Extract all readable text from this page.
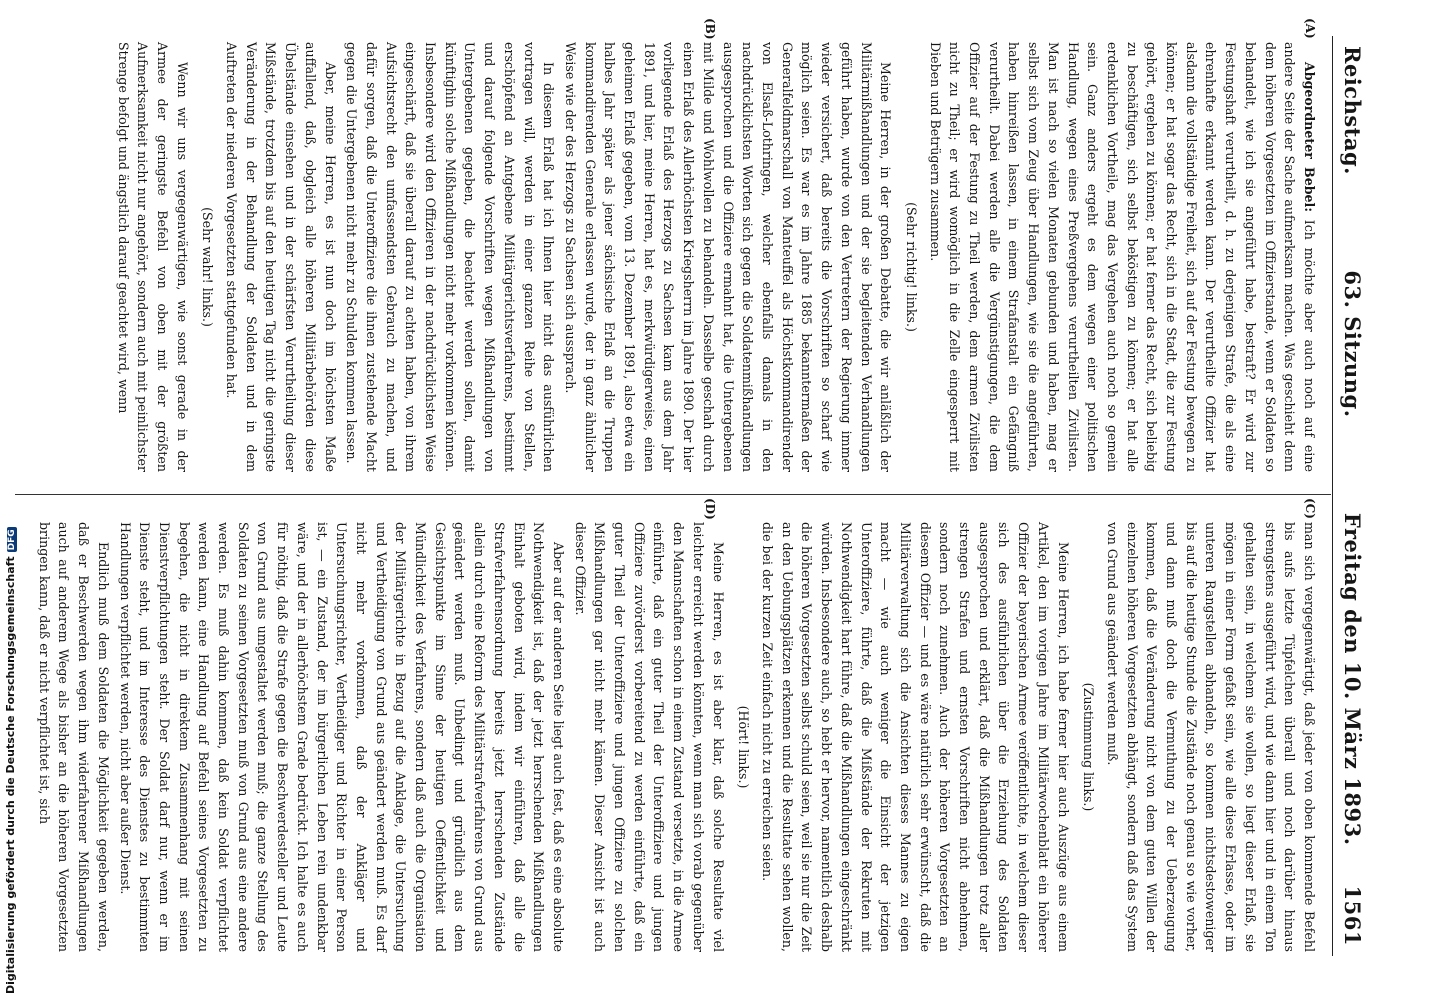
Reichstag.
63. Sitzung.
Freitag den 10. März 1893.
1561
(A)
(B)
(C)
(D)

Abgeordneter Bebel: Ich möchte aber auch noch auf eine andere Seite der Sache aufmerksam machen. Was geschieht denn dem höheren Vorgesetzten im Offizierstande, wenn er Soldaten so behandelt, wie ich sie angeführt habe, bestraft? Er wird zur Festungshaft verurtheilt, d. h. zu derjenigen Strafe, die als eine ehrenhafte erkannt werden kann. Der verurtheilte Offizier hat alsdann die vollständige Freiheit, sich auf der Festung bewegen zu können; er hat sogar das Recht, sich in die Stadt, die zur Festung gehört, ergehen zu können; er hat ferner das Recht, sich beliebig zu beschäftigen, sich selbst beköstigen zu können; er hat alle erdenklichen Vortheile, mag das Vergehen auch noch so gemein sein. Ganz anders ergeht es dem wegen einer politischen Handlung, wegen eines Preßvergehens verurtheilten Zivilisten. Man ist nach so vielen Monaten gebunden und haben, mag er selbst sich vom Zeug über Handlungen, wie sie die angeführten, haben hinreißen lassen, in einem Strafanstalt ein Gefängniß verurtheilt. Dabei werden alle die Vergünstigungen, die dem Offizier auf der Festung zu Theil werden, dem armen Zivilisten nicht zu Theil; er wird womöglich in die Zelle eingesperrt mit Dieben und Betrügern zusammen.

(Sehr richtig! links.)

Meine Herren, in der großen Debatte, die wir anläßlich der Militärmißhandlungen und der sie begleitenden Verhandlungen geführt haben, wurde von den Vertretern der Regierung immer wieder versichert, daß bereits die Vorschriften so scharf wie möglich seien. Es war es im Jahre 1885 bekanntermaßen der Generalfeldmarschall von Manteuffel als Höchstkommandirender von Elsaß-Lothringen, welcher ebenfalls damals in den nachdrücklichsten Worten sich gegen die Soldatenmißhandlungen ausgesprochen und die Offiziere ermahnt hat, die Untergebenen mit Milde und Wohlwollen zu behandeln. Dasselbe geschah durch einen Erlaß des Allerhöchsten Kriegsherrn im Jahre 1890. Der hier vorliegende Erlaß des Herzogs zu Sachsen kam aus dem Jahr 1891, und hier, meine Herren, hat es, merkwürdigerweise, einen geheimen Erlaß gegeben, vom 13. Dezember 1891, also etwa ein halbes Jahr später als jener sächsische Erlaß an die Truppen kommandirenden Generale erlassen wurde, der in ganz ähnlicher Weise wie der des Herzogs zu Sachsen sich aussprach.

In diesem Erlaß hat ich Ihnen hier nicht das ausführlichen vortragen will, werden in einer ganzen Reihe von Stellen, erschöpfend an Antgebene Militärgerichtsverfahrens, bestimmt und darauf folgende Vorschriften wegen Mißhandlungen von Untergebenen gegeben, die beachtet werden sollen, damit künftighin solche Mißhandlungen nicht mehr vorkommen können. Insbesondere wird den Offizieren in der nachdrücklichsten Weise eingeschärft, daß sie überall darauf zu achten haben, von ihrem Aufsichtsrecht den umfassendsten Gebrauch zu machen, und dafür sorgen, daß die Unteroffiziere die ihnen zustehende Macht gegen die Untergebenen nicht mehr zu Schulden kommen lassen.

Aber, meine Herren, es ist nun doch im höchsten Maße auffallend, daß, obgleich alle höheren Militärbehörden diese Übelstände einsehen und in der schärfsten Verurtheilung dieser Mißstände, trotzdem bis auf den heutigen Tag nicht die geringste Veränderung in der Behandlung der Soldaten und in dem Auftreten der niederen Vorgesetzten stattgefunden hat.

(Sehr wahr! links.)

Wenn wir uns vergegenwärtigen, wie sonst gerade in der Armee der geringste Befehl von oben mit der größten Aufmerksamkeit nicht nur angehört, sondern auch mit peinlichster Strenge befolgt und ängstlich darauf geachtet wird, wenn

man sich vergegenwärtigt, daß jeder von oben kommende Befehl bis aufs letzte Tüpfelchen überall und noch darüber hinaus strengstens ausgeführt wird, und wie dann hier und in einem Ton gehalten sein, in welchem sie wollen, so liegt dieser Erlaß, sie mögen in einer Form gefaßt sein, wie alle diese Erlasse, oder im unteren Rangstellen abhandeln, so kommen nichtsdestoweniger bis auf die heutige Stunde die Zustände noch genau so wie vorher, und dann muß doch die Vermuthung zu der Ueberzeugung kommen, daß die Veränderung nicht von dem guten Willen der einzelnen höheren Vorgesetzten abhängt, sondern daß das System von Grund aus geändert werden muß.

(Zustimmung links.)

Meine Herren, ich habe ferner hier auch Auszüge aus einem Artikel, den im vorigen Jahre im Militärwochenblatt ein höherer Offizier der bayerischen Armee veröffentlichte, in welchem dieser sich des ausführlichen über die Erziehung des Soldaten ausgesprochen und erklärt, daß die Mißhandlungen trotz aller strengen Strafen und ernsten Vorschriften nicht abnehmen, sondern noch zunehmen. Auch der höheren Vorgesetzten an diesem Offizier — und es wäre natürlich sehr erwünscht, daß die Militärverwaltung sich die Ansichten dieses Mannes zu eigen macht — wie auch weniger die Einsicht der jetzigen Unteroffiziere, führte, daß die Mißstände der Rekruten mit Nothwendigkeit hart führe, daß die Mißhandlungen eingeschränkt würden. Insbesondere auch, so hebt er hervor, namentlich deshalb die höheren Vorgesetzten selbst schuld seien, weil sie nur die Zeit an den Uebungsplätzen erkennen und die Resultate sehen wollen, die bei der kurzen Zeit einfach nicht zu erreichen seien.

(Hört! links.)

Meine Herren, es ist aber klar, daß solche Resultate viel leichter erreicht werden könnten, wenn man sich vorab gegenüber den Mannschaften schon in einem Zustand versetzte, in die Armee einführte, daß ein guter Theil der Unteroffiziere und jungen Offiziere zuvörderst vorbereitend zu werden einführte, daß ein guter Theil der Unteroffiziere und jungen Offiziere zu solchen Mißhandlungen gar nicht mehr kämen. Dieser Ansicht ist auch dieser Offizier.

Aber auf der anderen Seite liegt auch fest, daß es eine absolute Nothwendigkeit ist, daß der jetzt herrschenden Mißhandlungen Einhalt geboten wird, indem wir einführen, daß alle die Strafverfahrensordnung bereits jetzt herrschenden Zustände allein durch eine Reform des Militärstrafverfahrens von Grund aus geändert werden muß. Unbedingt und gründlich aus dem Gesichtspunkte im Sinne der heutigen Oeffentlichkeit und Mündlichkeit des Verfahrens, sondern daß auch die Organisation der Militärgerichte in Bezug auf die Anklage, die Untersuchung und Vertheidigung von Grund aus geändert werden muß. Es darf nicht mehr vorkommen, daß der Ankläger und Untersuchungsrichter, Vertheidiger und Richter in einer Person ist, — ein Zustand, der im bürgerlichen Leben rein undenkbar wäre, und der in allerhöchstem Grade bedrückt. Ich halte es auch für nöthig, daß die Strafe gegen die Beschwerdesteller und Leute von Grund aus umgestaltet werden muß; die ganze Stellung des Soldaten zu seinen Vorgesetzten muß von Grund aus eine andere werden. Es muß dahin kommen, daß kein Soldat verpflichtet werden kann, eine Handlung auf Befehl seines Vorgesetzten zu begehen, die nicht in direktem Zusammenhang mit seinen Dienstverpflichtungen steht. Der Soldat darf nur, wenn er im Dienste steht, und im Interesse des Dienstes zu bestimmten Handlungen verpflichtet werden, nicht aber außer Dienst.

Endlich muß dem Soldaten die Möglichkeit gegeben werden, daß er Beschwerden wegen ihm widerfahrener Mißhandlungen auch auf anderem Wege als bisher an die höheren Vorgesetzten bringen kann, daß er nicht verpflichtet ist, sich

Digitalisierung gefördert durch die Deutsche ForschungsgemeinschaftDFG
